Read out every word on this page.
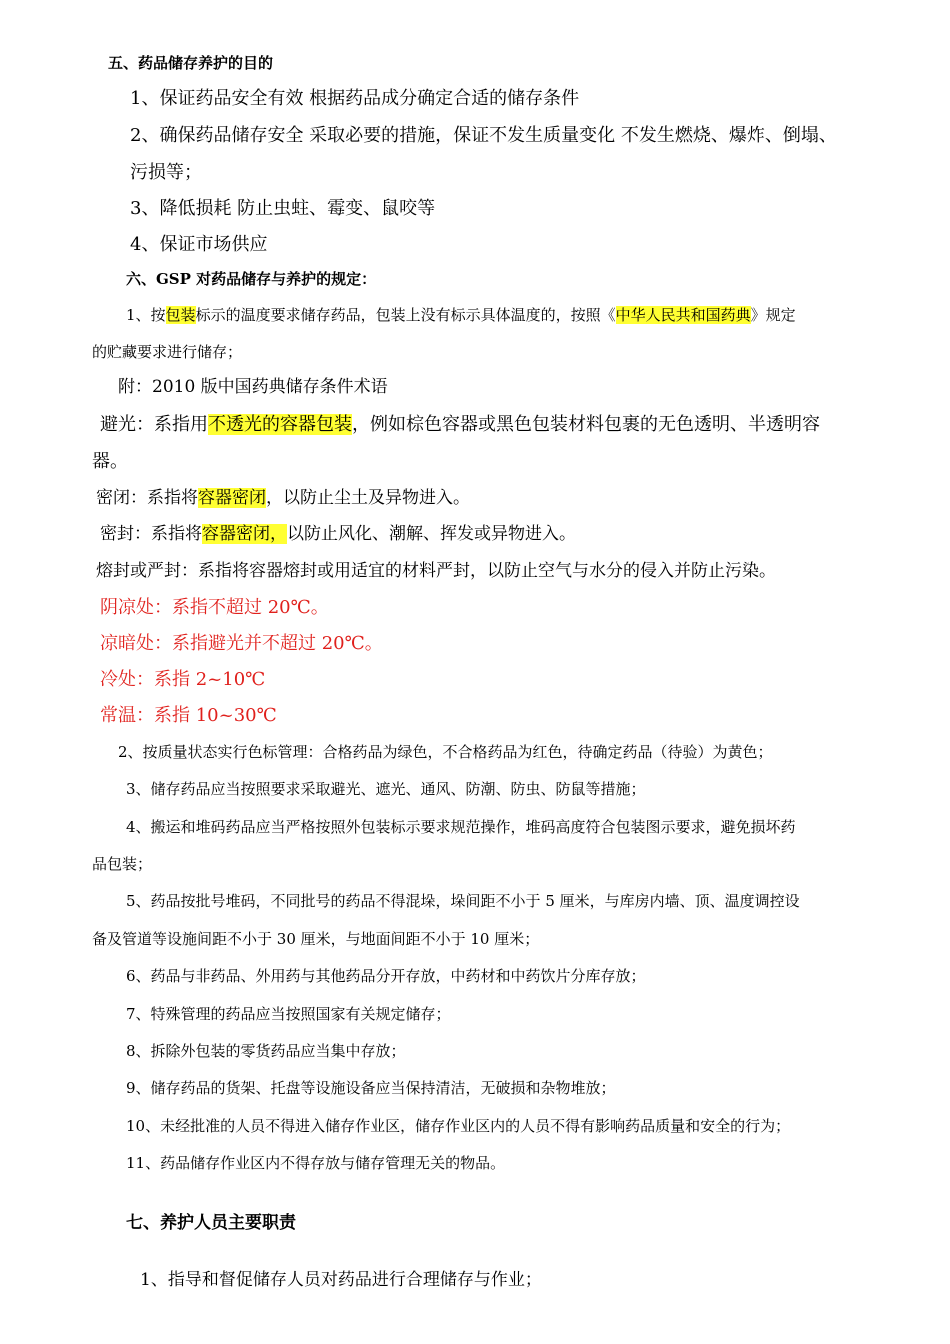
五、药品储存养护的目的
1、保证药品安全有效 根据药品成分确定合适的储存条件
2、确保药品储存安全 采取必要的措施，保证不发生质量变化 不发生燃烧、爆炸、倒塌、
污损等；
3、降低损耗 防止虫蛀、霉变、鼠咬等
4、保证市场供应
六、GSP 对药品储存与养护的规定：
1、按包装标示的温度要求储存药品，包装上没有标示具体温度的，按照《中华人民共和国药典》规定
的贮藏要求进行储存；
附：2010 版中国药典储存条件术语
避光：系指用不透光的容器包装，例如棕色容器或黑色包装材料包裹的无色透明、半透明容
器。
密闭：系指将容器密闭，以防止尘土及异物进入。
密封：系指将容器密闭，以防止风化、潮解、挥发或异物进入。
熔封或严封：系指将容器熔封或用适宜的材料严封，以防止空气与水分的侵入并防止污染。
阴凉处：系指不超过 20℃。
凉暗处：系指避光并不超过 20℃。
冷处：系指 2~10℃
常温：系指 10~30℃
2、按质量状态实行色标管理：合格药品为绿色，不合格药品为红色，待确定药品（待验）为黄色；
3、储存药品应当按照要求采取避光、遮光、通风、防潮、防虫、防鼠等措施；
4、搬运和堆码药品应当严格按照外包装标示要求规范操作，堆码高度符合包装图示要求，避免损坏药
品包装；
5、药品按批号堆码，不同批号的药品不得混垛，垛间距不小于 5 厘米，与库房内墙、顶、温度调控设
备及管道等设施间距不小于 30 厘米，与地面间距不小于 10 厘米；
6、药品与非药品、外用药与其他药品分开存放，中药材和中药饮片分库存放；
7、特殊管理的药品应当按照国家有关规定储存；
8、拆除外包装的零货药品应当集中存放；
9、储存药品的货架、托盘等设施设备应当保持清洁，无破损和杂物堆放；
10、未经批准的人员不得进入储存作业区，储存作业区内的人员不得有影响药品质量和安全的行为；
11、药品储存作业区内不得存放与储存管理无关的物品。
七、养护人员主要职责
1、指导和督促储存人员对药品进行合理储存与作业；
